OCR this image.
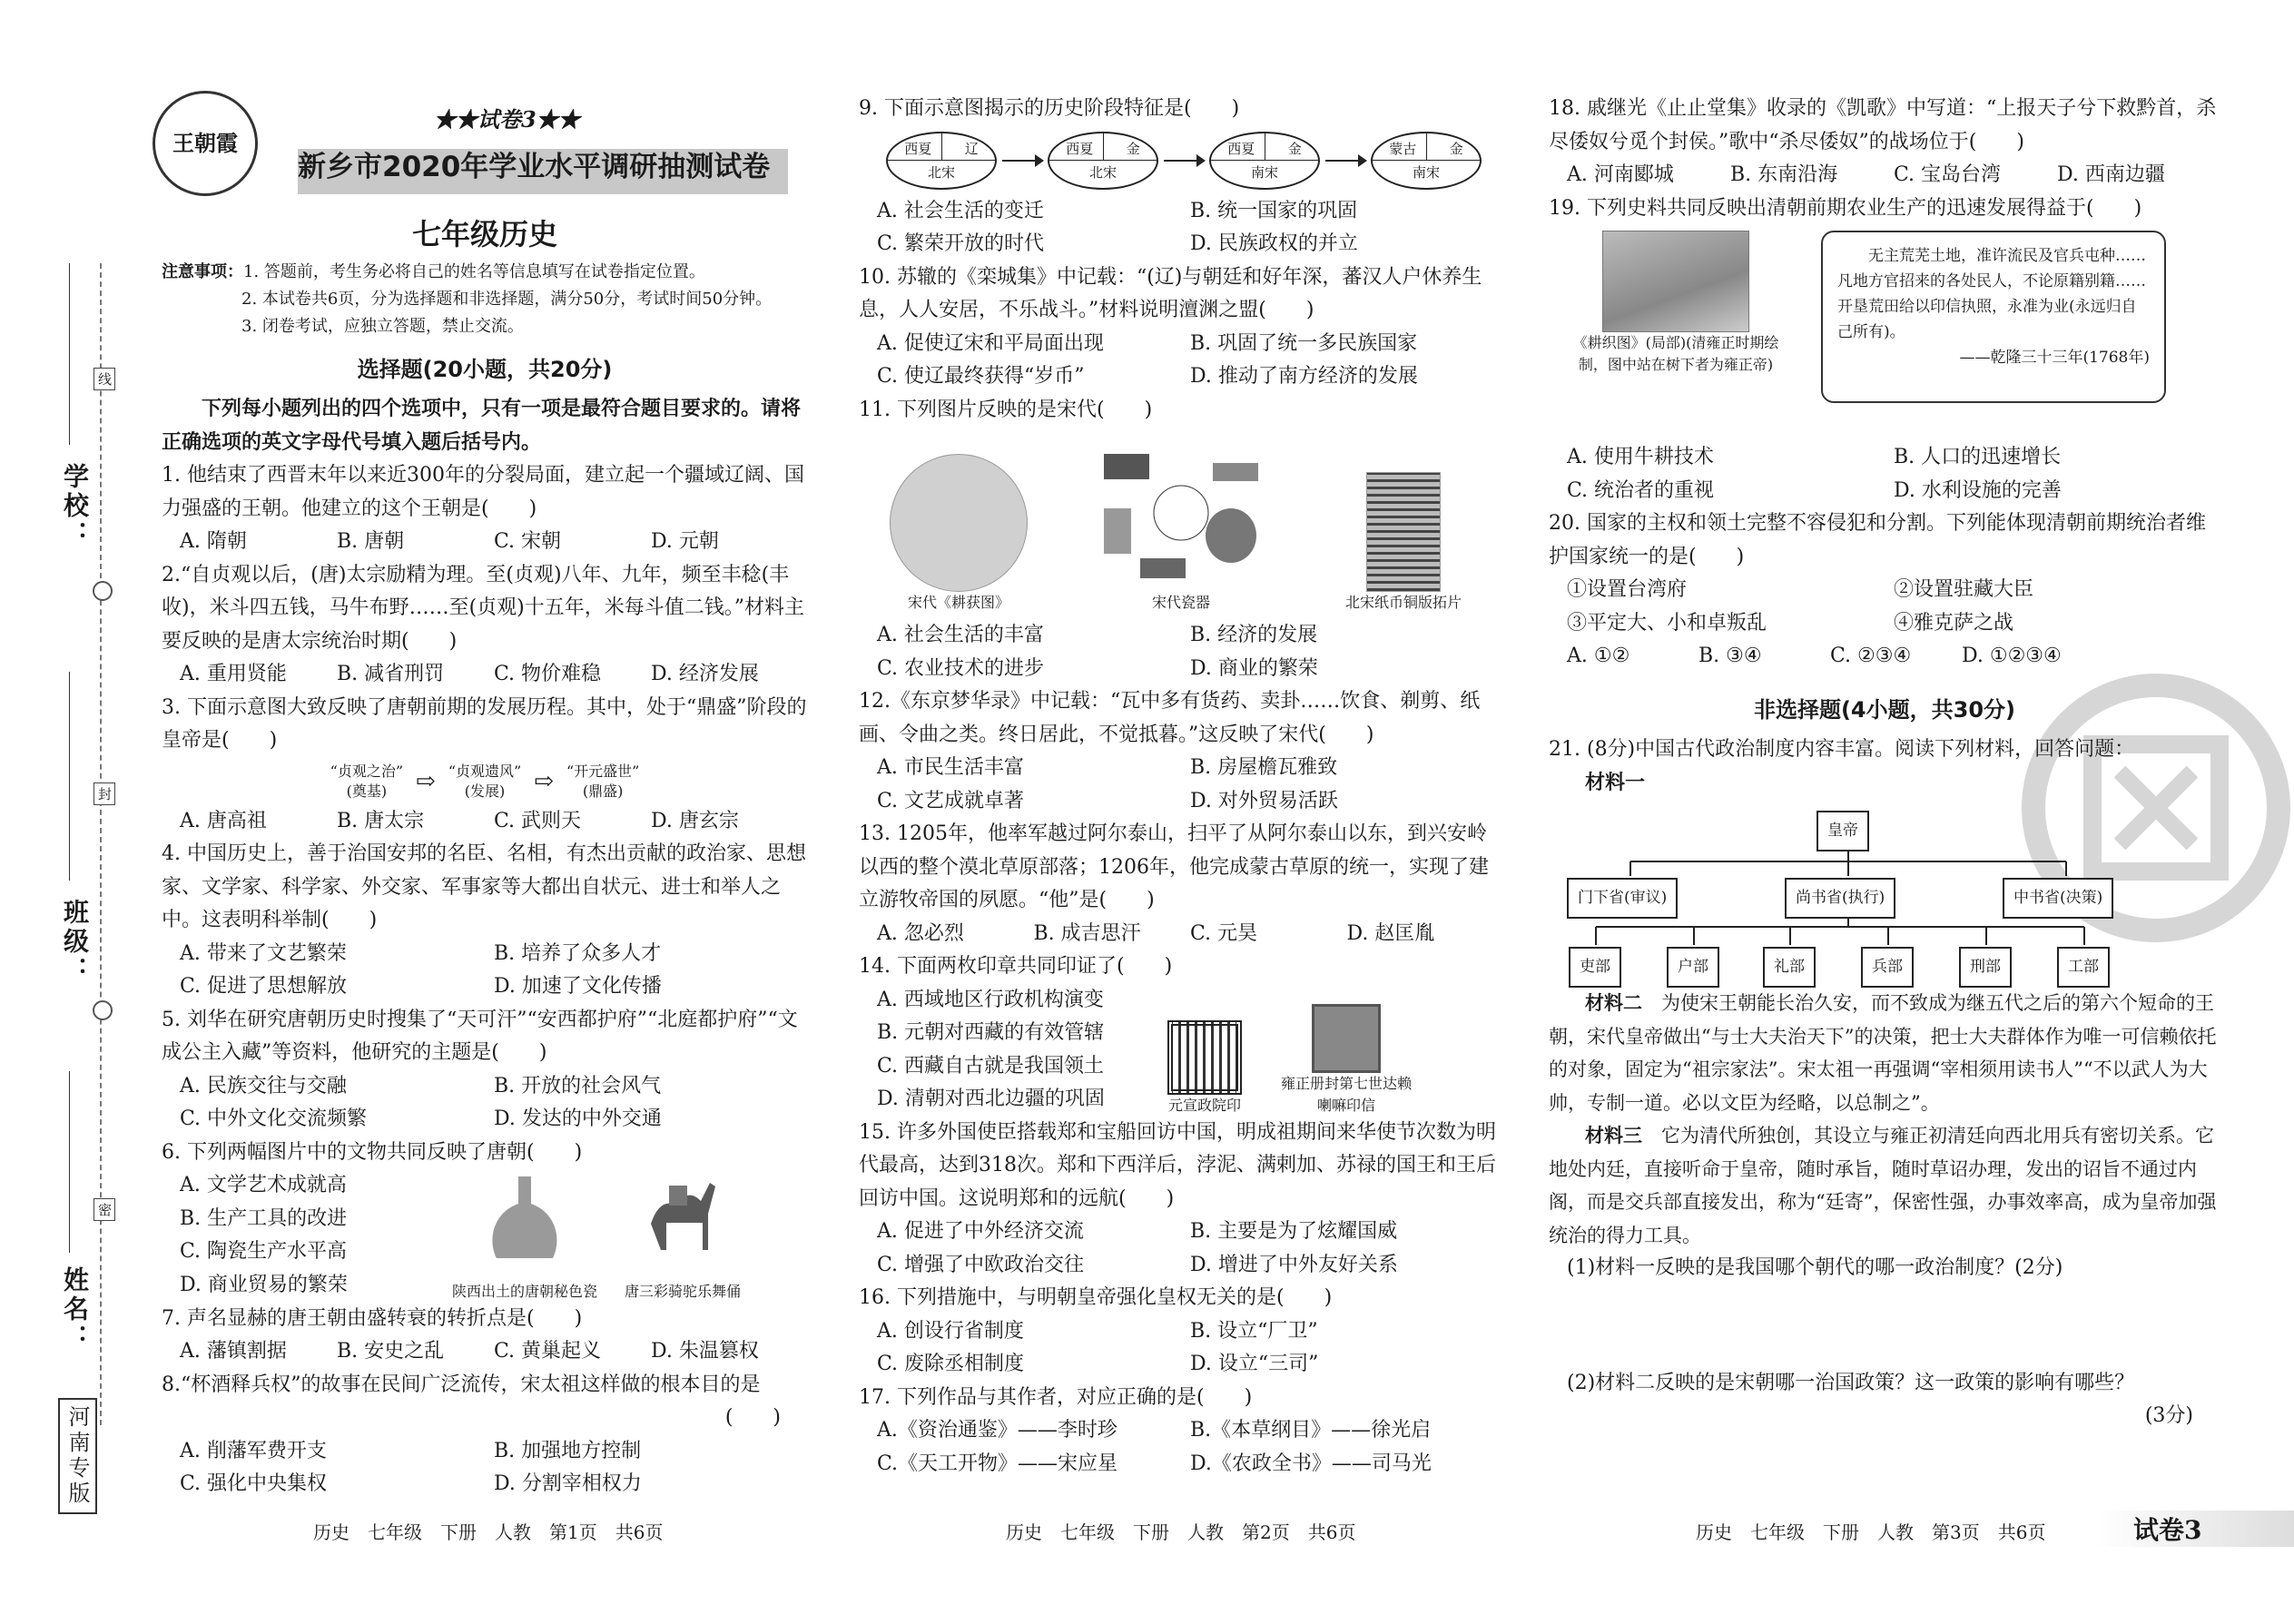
线
封
密
学校：
班级：
姓名：
河南专版
王朝霞
★★试卷3★★
新乡市2020年学业水平调研抽测试卷
七年级历史
注意事项：1. 答题前，考生务必将自己的姓名等信息填写在试卷指定位置。
2. 本试卷共6页，分为选择题和非选择题，满分50分，考试时间50分钟。
3. 闭卷考试，应独立答题，禁止交流。
选择题(20小题，共20分)
下列每小题列出的四个选项中，只有一项是最符合题目要求的。请将正确选项的英文字母代号填入题后括号内。
1. 他结束了西晋末年以来近300年的分裂局面，建立起一个疆域辽阔、国力强盛的王朝。他建立的这个王朝是(　　)
A. 隋朝	B. 唐朝	C. 宋朝	D. 元朝
2.“自贞观以后，(唐)太宗励精为理。至(贞观)八年、九年，频至丰稔(丰收)，米斗四五钱，马牛布野……至(贞观)十五年，米每斗值二钱。”材料主要反映的是唐太宗统治时期(　　)
A. 重用贤能	B. 减省刑罚	C. 物价难稳	D. 经济发展
3. 下面示意图大致反映了唐朝前期的发展历程。其中，处于“鼎盛”阶段的皇帝是(　　)
“贞观之治”
(奠基)	⇨ “贞观遗风”
(发展)	⇨ “开元盛世”
(鼎盛)
A. 唐高祖	B. 唐太宗	C. 武则天	D. 唐玄宗
4. 中国历史上，善于治国安邦的名臣、名相，有杰出贡献的政治家、思想家、文学家、科学家、外交家、军事家等大都出自状元、进士和举人之中。这表明科举制(　　)
A. 带来了文艺繁荣	B. 培养了众多人才
C. 促进了思想解放	D. 加速了文化传播
5. 刘华在研究唐朝历史时搜集了“天可汗”“安西都护府”“北庭都护府”“文成公主入藏”等资料，他研究的主题是(　　)
A. 民族交往与交融	B. 开放的社会风气
C. 中外文化交流频繁	D. 发达的中外交通
6. 下列两幅图片中的文物共同反映了唐朝(　　)
A. 文学艺术成就高
B. 生产工具的改进
C. 陶瓷生产水平高
D. 商业贸易的繁荣	陕西出土的唐朝秘色瓷 唐三彩骑驼乐舞俑
7. 声名显赫的唐王朝由盛转衰的转折点是(　　)
A. 藩镇割据	B. 安史之乱	C. 黄巢起义	D. 朱温篡权
8.“杯酒释兵权”的故事在民间广泛流传，宋太祖这样做的根本目的是
(　　)
A. 削藩军费开支	B. 加强地方控制
C. 强化中央集权	D. 分割宰相权力
9. 下面示意图揭示的历史阶段特征是(　　)
西夏 辽
北宋
西夏 金
北宋
西夏 金
南宋
蒙古 金
南宋
A. 社会生活的变迁	B. 统一国家的巩固
C. 繁荣开放的时代	D. 民族政权的并立
10. 苏辙的《栾城集》中记载：“(辽)与朝廷和好年深，蕃汉人户休养生息，人人安居，不乐战斗。”材料说明澶渊之盟(　　)
A. 促使辽宋和平局面出现	B. 巩固了统一多民族国家
C. 使辽最终获得“岁币”	D. 推动了南方经济的发展
11. 下列图片反映的是宋代(　　)
宋代《耕获图》	宋代瓷器	北宋纸币铜版拓片
A. 社会生活的丰富	B. 经济的发展
C. 农业技术的进步	D. 商业的繁荣
12.《东京梦华录》中记载：“瓦中多有货药、卖卦……饮食、剃剪、纸画、令曲之类。终日居此，不觉抵暮。”这反映了宋代(　　)
A. 市民生活丰富	B. 房屋檐瓦雅致
C. 文艺成就卓著	D. 对外贸易活跃
13. 1205年，他率军越过阿尔泰山，扫平了从阿尔泰山以东，到兴安岭以西的整个漠北草原部落；1206年，他完成蒙古草原的统一，实现了建立游牧帝国的夙愿。“他”是(　　)
A. 忽必烈	B. 成吉思汗	C. 元昊	D. 赵匡胤
14. 下面两枚印章共同印证了(　　)
A. 西域地区行政机构演变
B. 元朝对西藏的有效管辖
C. 西藏自古就是我国领土
D. 清朝对西北边疆的巩固	元宣政院印
雍正册封第七世达赖喇嘛印信
15. 许多外国使臣搭载郑和宝船回访中国，明成祖期间来华使节次数为明代最高，达到318次。郑和下西洋后，浡泥、满剌加、苏禄的国王和王后回访中国。这说明郑和的远航(　　)
A. 促进了中外经济交流	B. 主要是为了炫耀国威
C. 增强了中欧政治交往	D. 增进了中外友好关系
16. 下列措施中，与明朝皇帝强化皇权无关的是(　　)
A. 创设行省制度	B. 设立“厂卫”
C. 废除丞相制度	D. 设立“三司”
17. 下列作品与其作者，对应正确的是(　　)
A.《资治通鉴》——李时珍	B.《本草纲目》——徐光启
C.《天工开物》——宋应星	D.《农政全书》——司马光
18. 戚继光《止止堂集》收录的《凯歌》中写道：“上报天子兮下救黔首，杀尽倭奴兮觅个封侯。”歌中“杀尽倭奴”的战场位于(　　)
A. 河南郾城	B. 东南沿海	C. 宝岛台湾	D. 西南边疆
19. 下列史料共同反映出清朝前期农业生产的迅速发展得益于(　　)
《耕织图》(局部)(清雍正时期绘制，图中站在树下者为雍正帝)
无主荒芜土地，准许流民及官兵屯种……凡地方官招来的各处民人，不论原籍别籍……开垦荒田给以印信执照，永准为业(永远归自己所有)。
——乾隆三十三年(1768年)
A. 使用牛耕技术	B. 人口的迅速增长
C. 统治者的重视	D. 水利设施的完善
20. 国家的主权和领土完整不容侵犯和分割。下列能体现清朝前期统治者维护国家统一的是(　　)
①设置台湾府	②设置驻藏大臣
③平定大、小和卓叛乱	④雅克萨之战
A. ①②	B. ③④	C. ②③④	D. ①②③④
非选择题(4小题，共30分)
21. (8分)中国古代政治制度内容丰富。阅读下列材料，回答问题：
材料一
皇帝
门下省(审议)	尚书省(执行)	中书省(决策)
吏部	户部	礼部	兵部	刑部	工部
材料二　 为使宋王朝能长治久安，而不致成为继五代之后的第六个短命的王朝，宋代皇帝做出“与士大夫治天下”的决策，把士大夫群体作为唯一可信赖依托的对象，固定为“祖宗家法”。宋太祖一再强调“宰相须用读书人”“不以武人为大帅，专制一道。必以文臣为经略，以总制之”。
材料三　 它为清代所独创，其设立与雍正初清廷向西北用兵有密切关系。它地处内廷，直接听命于皇帝，随时承旨，随时草诏办理，发出的诏旨不通过内阁，而是交兵部直接发出，称为“廷寄”，保密性强，办事效率高，成为皇帝加强统治的得力工具。
(1)材料一反映的是我国哪个朝代的哪一政治制度？(2分)
(2)材料二反映的是宋朝哪一治国政策？这一政策的影响有哪些？
(3分)
历史　七年级　下册　人教　第1页　共6页	历史　七年级　下册　人教　第2页　共6页	历史　七年级　下册　人教　第3页　共6页	试卷3
